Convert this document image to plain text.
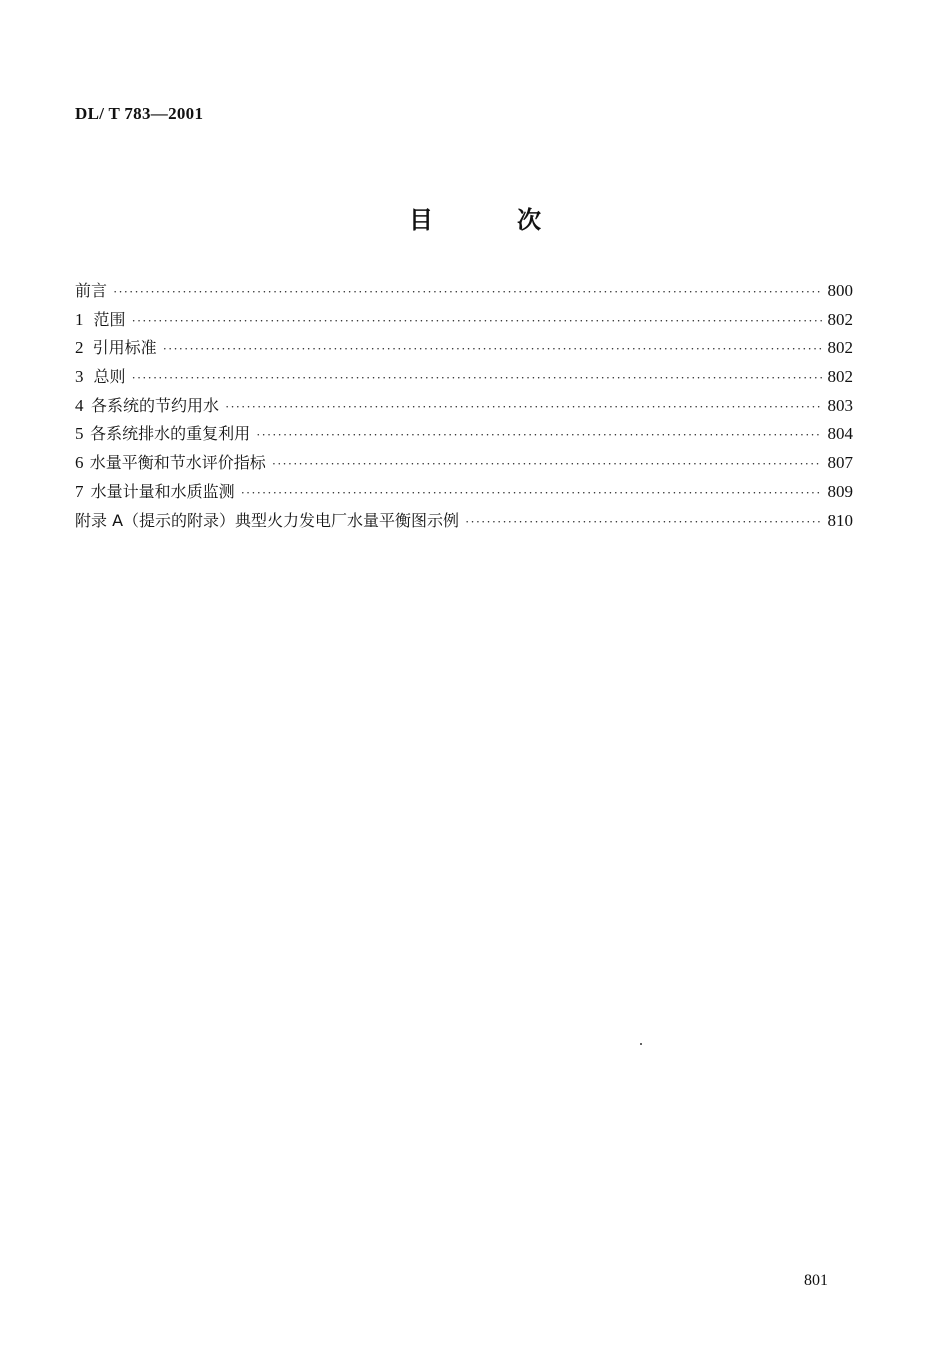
DL/ T 783—2001
目	次
前言 ·····	800
1 范围 ·····	802
2 引用标准 ·····	802
3 总则 ·····	802
4 各系统的节约用水 ·····	803
5 各系统排水的重复利用 ·····	804
6 水量平衡和节水评价指标 ·····	807
7 水量计量和水质监测 ·····	809
附录 A（提示的附录）典型火力发电厂水量平衡图示例 ·····	810
801
